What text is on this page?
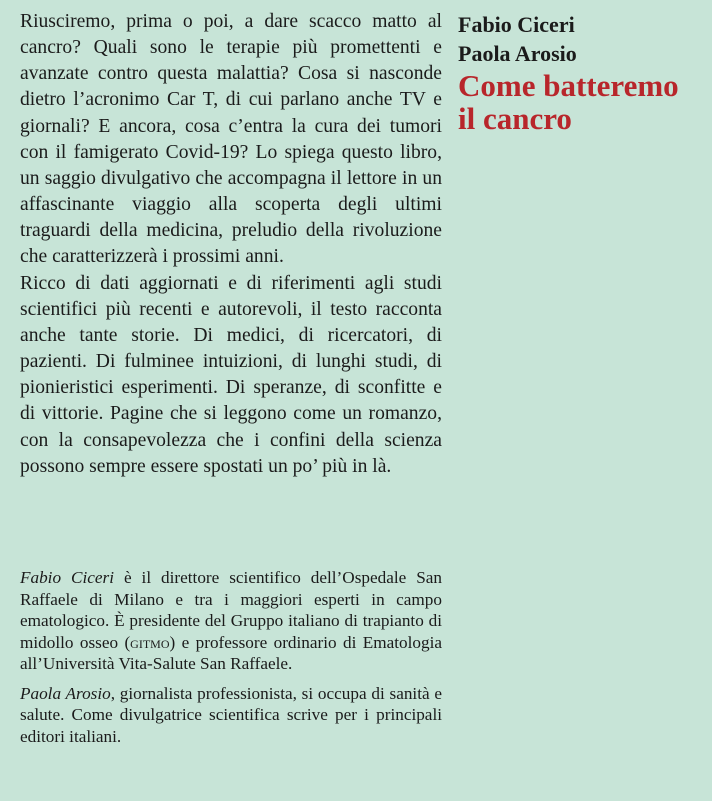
Riusciremo, prima o poi, a dare scacco matto al cancro? Quali sono le terapie più promettenti e avanzate contro questa malattia? Cosa si nasconde dietro l’acronimo Car T, di cui parlano anche TV e giornali? E ancora, cosa c’entra la cura dei tumori con il famigerato Covid-19? Lo spiega questo libro, un saggio divulgativo che accompagna il lettore in un affascinante viaggio alla scoperta degli ultimi traguardi della medicina, preludio della rivoluzione che caratterizzerà i prossimi anni.

Ricco di dati aggiornati e di riferimenti agli studi scientifici più recenti e autorevoli, il testo racconta anche tante storie. Di medici, di ricercatori, di pazienti. Di fulminee intuizioni, di lunghi studi, di pionieristici esperimenti. Di speranze, di sconfitte e di vittorie. Pagine che si leggono come un romanzo, con la consapevolezza che i confini della scienza possono sempre essere spostati un po’ più in là.

Fabio Ciceri è il direttore scientifico dell’Ospedale San Raffaele di Milano e tra i maggiori esperti in campo ematologico. È presidente del Gruppo italiano di trapianto di midollo osseo (gitmo) e professore ordinario di Ematologia all’Università Vita-Salute San Raffaele.

Paola Arosio, giornalista professionista, si occupa di sanità e salute. Come divulgatrice scientifica scrive per i principali editori italiani.

Fabio Ciceri
Paola Arosio
Come batteremo
il cancro
